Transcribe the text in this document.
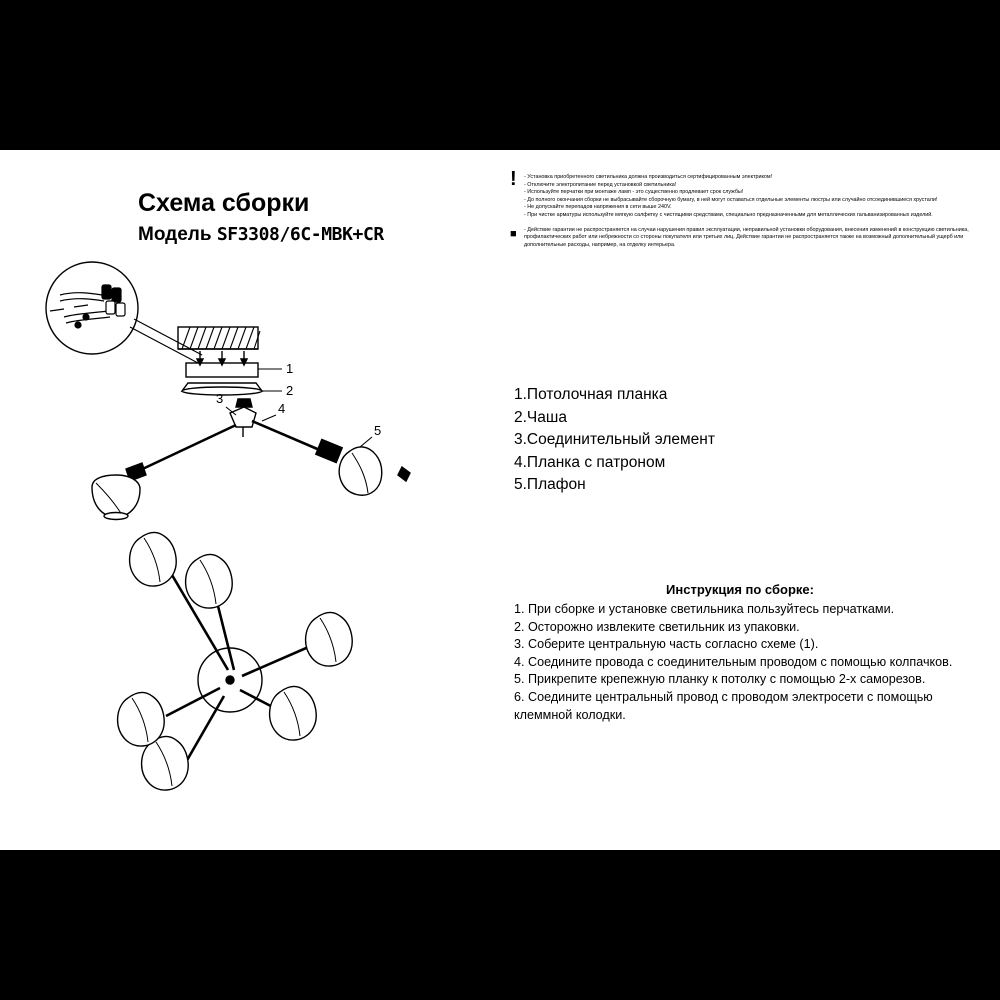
Схема сборки
Модель SF3308/6C-MBK+CR
!	- Установка приобретенного светильника должна производиться сертифицированным электриком!

- Отключите электропитание перед установкой светильника!

- Используйте перчатки при монтаже ламп - это существенно продлевает срок службы!

- До полного окончания сборки не выбрасывайте сборочную бумагу, в ней могут оставаться отдельные элементы люстры или случайно отсоединившиеся хрустали!

- Не допускайте перепадов напряжения в сети выше 240V.

- При чистке арматуры используйте мягкую салфетку с чистящими средствами, специально предназначенными для металлических гальванизированных изделий.

■	- Действие гарантии не распространяется на случаи нарушения правил эксплуатации, неправильной установки оборудования, внесения изменений в конструкцию светильника, профилактических работ или небрежности со стороны покупателя или третьих лиц. Действие гарантии не распространяется также на возможный дополнительный ущерб или дополнительные расходы, например, на отделку интерьера.

1.Потолочная планка
2.Чаша
3.Соединительный элемент
4.Планка с патроном
5.Плафон
Инструкция по сборке:
1. При сборке и установке светильника пользуйтесь перчатками.
2. Осторожно извлеките светильник из упаковки.
3. Соберите центральную часть согласно схеме (1).
4. Соедините провода с соединительным проводом с помощью колпачков.
5. Прикрепите крепежную планку к потолку с помощью 2-х саморезов.
6. Соедините центральный провод с проводом электросети с помощью клеммной колодки.
1
2
3
4
5
